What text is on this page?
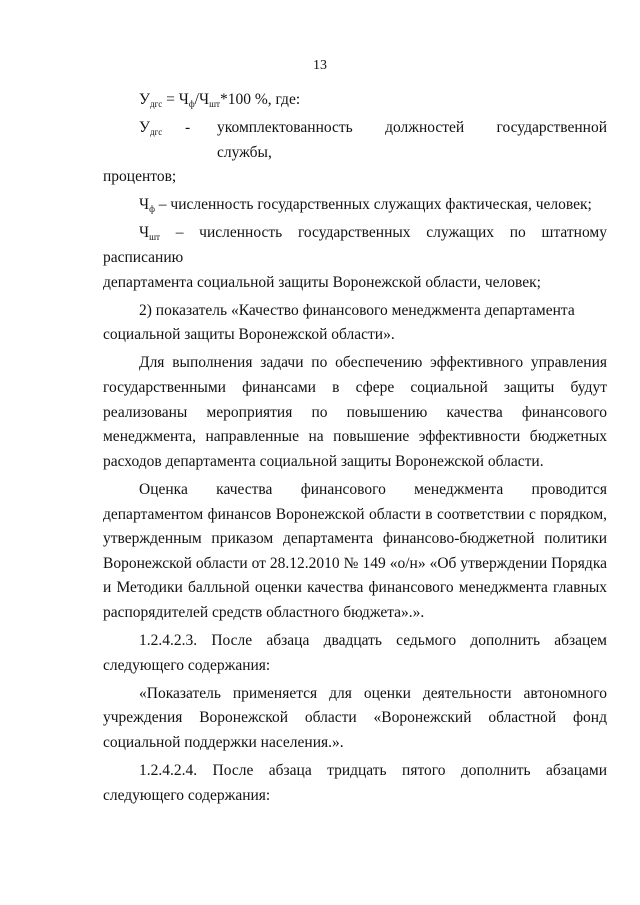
13

$У_{дгс} = Ч_ф/Ч_{шт}*100$ %, где:

$У_{дгс}$	-	укомплектованность должностей государственной службы,

процентов;

$Ч_ф$ – численность государственных служащих фактическая, человек;

$Ч_{шт}$ – численность государственных служащих по штатному расписанию

департамента социальной защиты Воронежской области, человек;

2) показатель «Качество финансового менеджмента департамента

социальной защиты Воронежской области».

Для выполнения задачи по обеспечению эффективного управления государственными финансами в сфере социальной защиты будут реализованы мероприятия по повышению качества финансового менеджмента, направленные на повышение эффективности бюджетных расходов департамента социальной защиты Воронежской области.

Оценка качества финансового менеджмента проводится департаментом финансов Воронежской области в соответствии с порядком, утвержденным приказом департамента финансово-бюджетной политики Воронежской области от 28.12.2010 № 149 «о/н» «Об утверждении Порядка и Методики балльной оценки качества финансового менеджмента главных распорядителей средств областного бюджета».».

1.2.4.2.3. После абзаца двадцать седьмого дополнить абзацем следующего содержания:

«Показатель применяется для оценки деятельности автономного учреждения Воронежской области «Воронежский областной фонд социальной поддержки населения.».

1.2.4.2.4. После абзаца тридцать пятого дополнить абзацами следующего содержания:
